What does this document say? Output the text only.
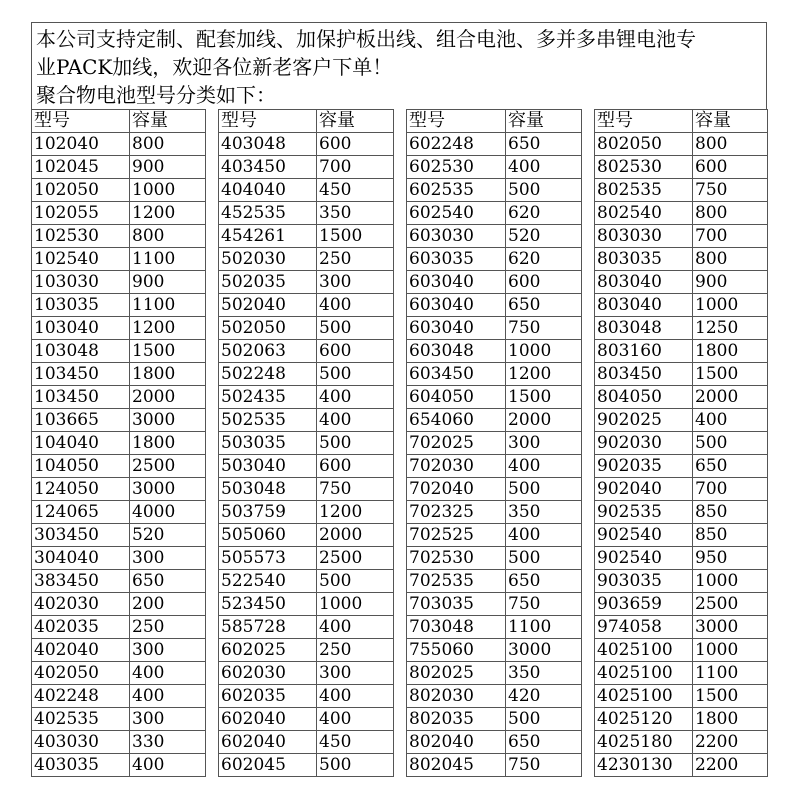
本公司支持定制、配套加线、加保护板出线、组合电池、多并多串锂电池专
业PACK加线，欢迎各位新老客户下单！
聚合物电池型号分类如下：
型号	容量
102040	800
102045	900
102050	1000
102055	1200
102530	800
102540	1100
103030	900
103035	1100
103040	1200
103048	1500
103450	1800
103450	2000
103665	3000
104040	1800
104050	2500
124050	3000
124065	4000
303450	520
304040	300
383450	650
402030	200
402035	250
402040	300
402050	400
402248	400
402535	300
403030	330
403035	400
型号	容量
403048	600
403450	700
404040	450
452535	350
454261	1500
502030	250
502035	300
502040	400
502050	500
502063	600
502248	500
502435	400
502535	400
503035	500
503040	600
503048	750
503759	1200
505060	2000
505573	2500
522540	500
523450	1000
585728	400
602025	250
602030	300
602035	400
602040	400
602040	450
602045	500
型号	容量
602248	650
602530	400
602535	500
602540	620
603030	520
603035	620
603040	600
603040	650
603040	750
603048	1000
603450	1200
604050	1500
654060	2000
702025	300
702030	400
702040	500
702325	350
702525	400
702530	500
702535	650
703035	750
703048	1100
755060	3000
802025	350
802030	420
802035	500
802040	650
802045	750
型号	容量
802050	800
802530	600
802535	750
802540	800
803030	700
803035	800
803040	900
803040	1000
803048	1250
803160	1800
803450	1500
804050	2000
902025	400
902030	500
902035	650
902040	700
902535	850
902540	850
902540	950
903035	1000
903659	2500
974058	3000
4025100	1000
4025100	1100
4025100	1500
4025120	1800
4025180	2200
4230130	2200
